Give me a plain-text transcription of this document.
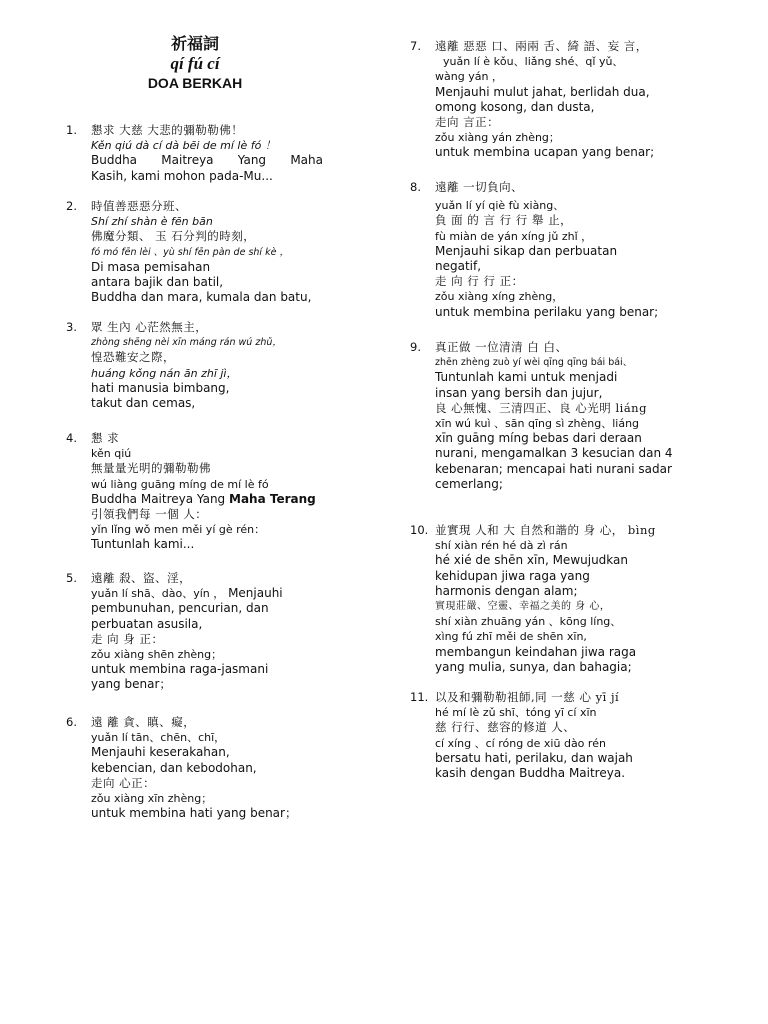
祈福詞
qí fú cí
DOA BERKAH
1.	懇求 大慈 大悲的彌勒勒佛！
Kěn qiú dà cí dà bēi de mí lè fó ！
Buddha Maitreya Yang Maha
Kasih, kami mohon pada-Mu...
2.	時值善惡惡分班、
Shí zhí shàn è fēn bān
佛魔分類、 玉 石分判的時刻，
fó mó fēn lèi 、yù shí fēn pàn de shí kè ，
Di masa pemisahan
antara bajik dan batil,
Buddha dan mara, kumala dan batu,
3.	眾 生內 心茫然無主，
zhòng shēng nèi xīn máng rán wú zhǔ，
惶恐難安之際，
huáng kǒng nán ān zhī jì，
hati manusia bimbang,
takut dan cemas,
4.	懇 求
kěn qiú
無量量光明的彌勒勒佛
wú liàng guāng míng de mí lè fó
Buddha Maitreya Yang Maha Terang
引領我們每 一個 人：
yǐn lǐng wǒ men měi yí gè rén：
Tuntunlah kami...
5.	遠離 殺、盜、淫，
yuǎn lí shā、dào、yín ， Menjauhi
pembunuhan, pencurian, dan
perbuatan asusila,
走 向 身 正：
zǒu xiàng shēn zhèng；
untuk membina raga-jasmani
yang benar；
6.	遠 離 貪、瞋、癡，
yuǎn lí tān、chēn、chī，
Menjauhi keserakahan,
kebencian, dan kebodohan,
走向 心正：
zǒu xiàng xīn zhèng；
untuk membina hati yang benar；
7.	遠離 惡惡 口、兩兩 舌、綺 語、妄 言，
yuǎn lí è kǒu、liǎng shé、qǐ yǔ、
wàng yán ，
Menjauhi mulut jahat, berlidah dua,
omong kosong, dan dusta,
走向 言正：
zǒu xiàng yán zhèng；
untuk membina ucapan yang benar;
8.	遠離 一切負向、
yuǎn lí yí qiè fù xiàng、
負 面 的 言 行 行 舉 止，
fù miàn de yán xíng jǔ zhǐ ，
Menjauhi sikap dan perbuatan
negatif,
走 向 行 行 正：
zǒu xiàng xíng zhèng，
untuk membina perilaku yang benar;
9.	真正做 一位清清 白 白、
zhēn zhèng zuò yí wèi qīng qīng bái bái、
Tuntunlah kami untuk menjadi
insan yang bersih dan jujur,
良 心無愧、三清四正、良 心光明 liáng
xīn wú kuì 、sān qīng sì zhèng、liáng
xīn guāng míng bebas dari deraan
nurani, mengamalkan 3 kesucian dan 4
kebenaran; mencapai hati nurani sadar
cemerlang;
10. 並實現 人和 大 自然和諧的 身 心， bìng
shí xiàn rén hé dà zì rán
hé xié de shēn xīn, Mewujudkan
kehidupan jiwa raga yang
harmonis dengan alam;
實現莊嚴、空靈、幸福之美的 身 心，
shí xiàn zhuāng yán 、kōng líng、
xìng fú zhī měi de shēn xīn,
membangun keindahan jiwa raga
yang mulia, sunya, dan bahagia;
11. 以及和彌勒勒祖師,同 一慈 心 yī jí
hé mí lè zǔ shī、tóng yī cí xīn
慈 行行、慈容的修道 人、
cí xíng 、cí róng de xiū dào rén
bersatu hati, perilaku, dan wajah
kasih dengan Buddha Maitreya.
